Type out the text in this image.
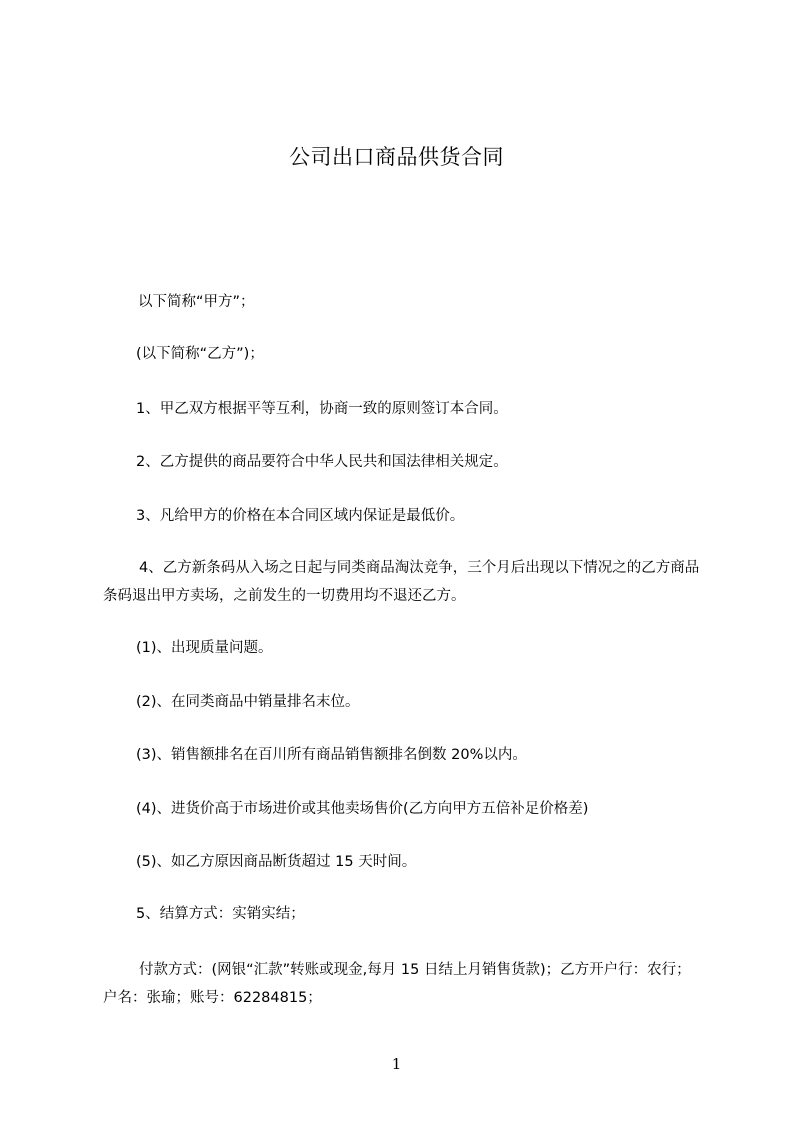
公司出口商品供货合同
以下简称“甲方”；
(以下简称“乙方”)；
1、甲乙双方根据平等互利，协商一致的原则签订本合同。
2、乙方提供的商品要符合中华人民共和国法律相关规定。
3、凡给甲方的价格在本合同区域内保证是最低价。
4、乙方新条码从入场之日起与同类商品淘汰竞争，三个月后出现以下情况之的乙方商品条码退出甲方卖场，之前发生的一切费用均不退还乙方。
(1)、出现质量问题。
(2)、在同类商品中销量排名末位。
(3)、销售额排名在百川所有商品销售额排名倒数 20%以内。
(4)、进货价高于市场进价或其他卖场售价(乙方向甲方五倍补足价格差)
(5)、如乙方原因商品断货超过 15 天时间。
5、结算方式：实销实结；
付款方式：(网银“汇款”转账或现金,每月 15 日结上月销售货款)；乙方开户行：农行；户名：张瑜；账号：62284815；
1
